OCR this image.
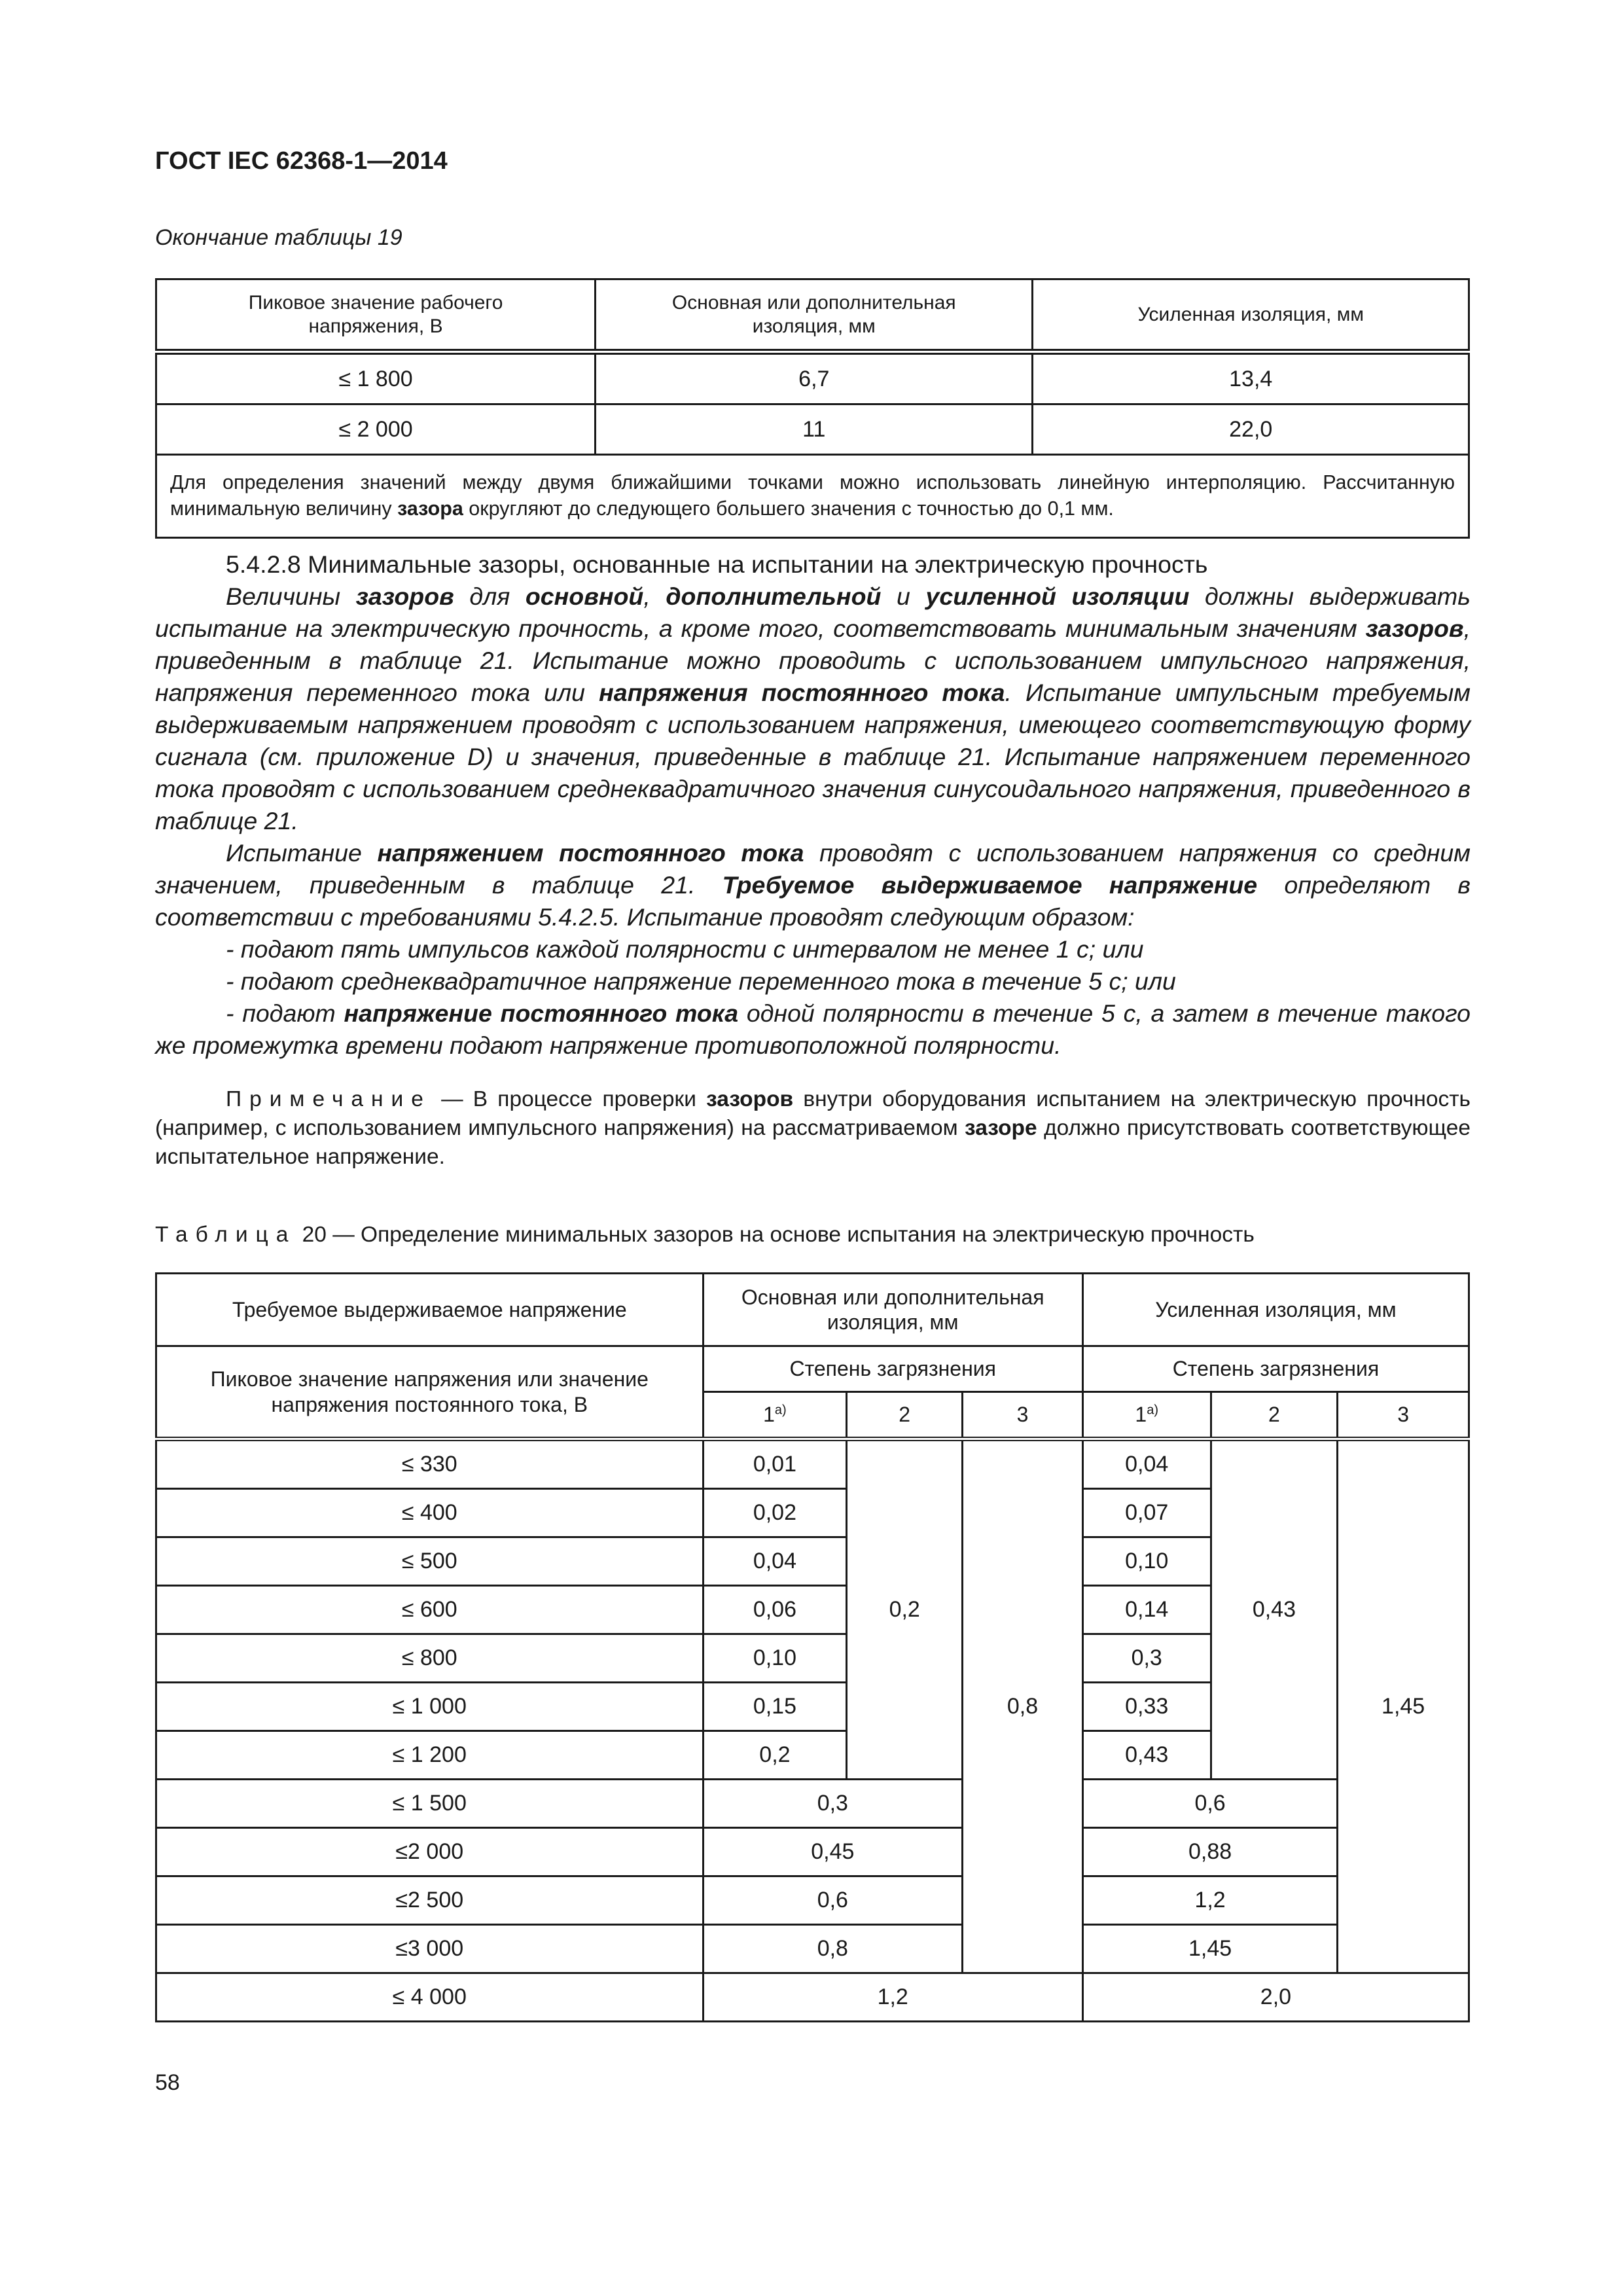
ГОСТ IEC 62368-1—2014
Окончание таблицы 19
Пиковое значение рабочего напряжения, В	Основная или дополнительная изоляция, мм	Усиленная изоляция, мм
≤ 1 800	6,7	13,4
≤ 2 000	11	22,0
Для определения значений между двумя ближайшими точками можно использовать линейную интерполяцию. Рассчитанную минимальную величину зазора округляют до следующего большего значения с точностью до 0,1 мм.		

5.4.2.8 Минимальные зазоры, основанные на испытании на электрическую прочность

Величины зазоров для основной, дополнительной и усиленной изоляции должны выдерживать испытание на электрическую прочность, а кроме того, соответствовать минимальным значениям зазоров, приведенным в таблице 21. Испытание можно проводить с использованием импульсного напряжения, напряжения переменного тока или напряжения постоянного тока. Испытание импульсным требуемым выдерживаемым напряжением проводят с использованием напряжения, имеющего соответствующую форму сигнала (см. приложение D) и значения, приведенные в таблице 21. Испытание напряжением переменного тока проводят с использованием среднеквадратичного значения синусоидального напряжения, приведенного в таблице 21.

Испытание напряжением постоянного тока проводят с использованием напряжения со средним значением, приведенным в таблице 21. Требуемое выдерживаемое напряжение определяют в соответствии с требованиями 5.4.2.5. Испытание проводят следующим образом:

- подают пять импульсов каждой полярности с интервалом не менее 1 с; или

- подают среднеквадратичное напряжение переменного тока в течение 5 с; или

- подают напряжение постоянного тока одной полярности в течение 5 с, а затем в течение такого же промежутка времени подают напряжение противоположной полярности.

Примечание — В процессе проверки зазоров внутри оборудования испытанием на электрическую прочность (например, с использованием импульсного напряжения) на рассматриваемом зазоре должно присутствовать соответствующее испытательное напряжение.
Таблица 20 — Определение минимальных зазоров на основе испытания на электрическую прочность
Требуемое выдерживаемое напряжение	Основная или дополнительная изоляция, мм			Усиленная изоляция, мм		
Пиковое значение напряжения или значение напряжения постоянного тока, В	Степень загрязнения			Степень загрязнения		
	$1^{а)}$	2	3	$1^{а)}$	2	3
≤ 330	0,01	0,2	0,8	0,04	0,43	1,45
≤ 400	0,02			0,07		
≤ 500	0,04			0,10		
≤ 600	0,06			0,14		
≤ 800	0,10			0,3		
≤ 1 000	0,15			0,33		
≤ 1 200	0,2			0,43		
≤ 1 500	0,3			0,6		
≤2 000	0,45			0,88		
≤2 500	0,6			1,2		
≤3 000	0,8			1,45		
≤ 4 000	1,2			2,0		
58
